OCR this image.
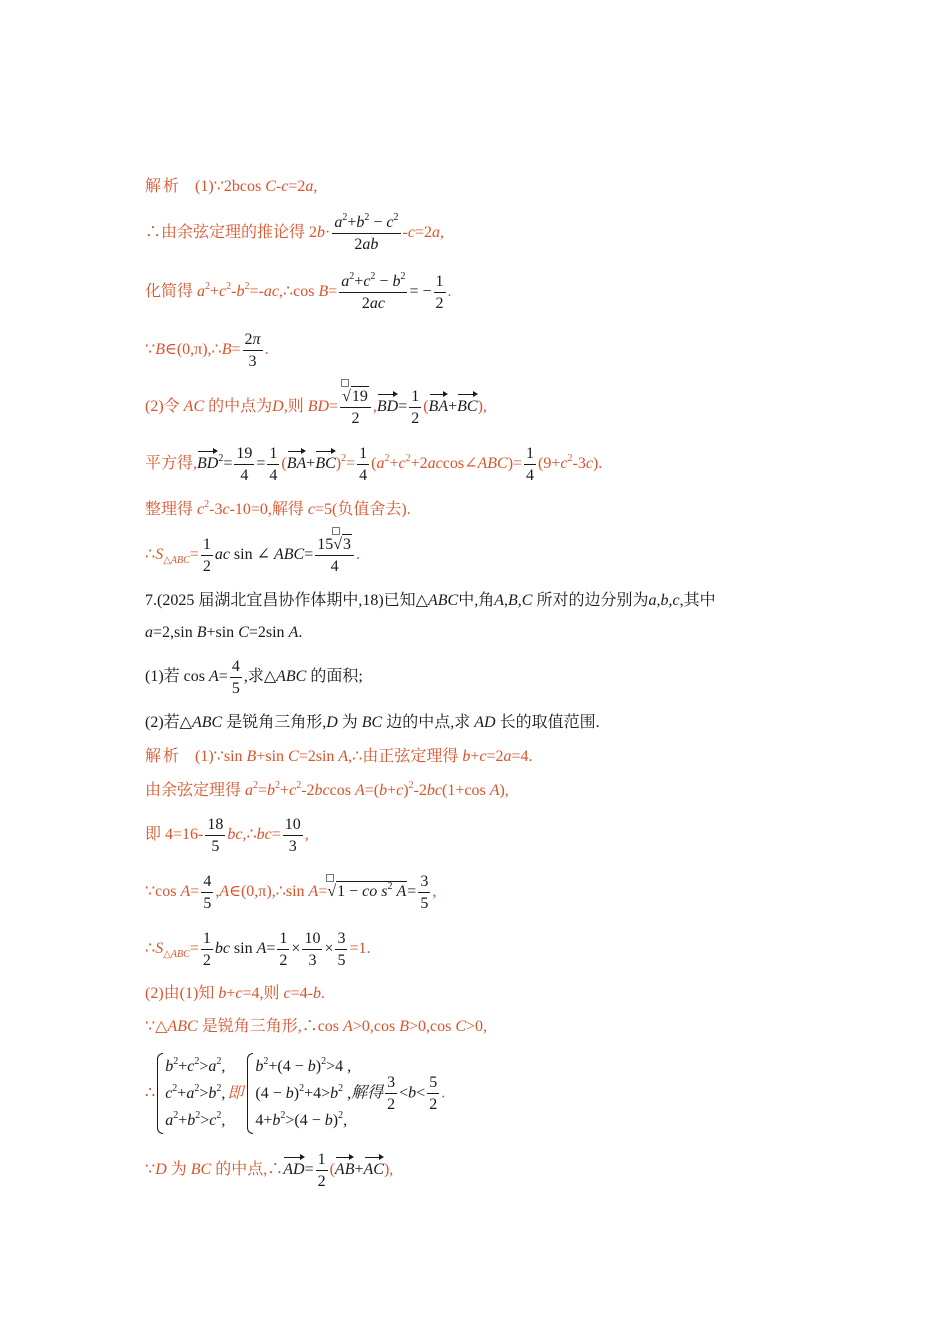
解析 (1)∵2bcos C-c=2a,
∴由余弦定理的推论得 $2b\cdot \frac{a^2+b^2 - c^2}{2ab} -c=2a$,
化简得 $a^2+c^2-b^2=-ac,\therefore\cos$ $B= \frac{a^2+c^2 - b^2}{2ac}$ = − $\frac{1}{2}$ .
∵B∈(0,π),∴B= $\frac{2\pi}{3}$ .
(2)令 AC 的中点为D,则 $BD= \frac{√19}{2} ,BD= \frac{1}{2} (BA+BC)$,
平方得$,BD^2= \frac{19}{4} = \frac{1}{4} (BA+BC)^2= \frac{1}{4}$ $(a^2+c^2+2accos\angle ABC)= \frac{1}{4} (9+c^2-3c)$.
整理得 $c^2-3c-10=0$,解得 c=5(负值舍去).
$\therefore S_{\triangle ABC}= \frac{1}{2}$ ac sin ∠ ABC= 15
√3
4 .
7.(2025 届湖北宜昌协作体期中,18)已知△ABC中,角A,B,C 所对的边分别为a,b,c,其中
a=2,sin B+sin C=2sin A.
(1)若 $\cos A= \frac{4}{5}$ ,求△ABC 的面积;
(2)若△ABC 是锐角三角形,D 为 BC 边的中点,求 AD 长的取值范围.
解析 (1)∵sin B+sin C=2sin A,∴由正弦定理得 b+c=2a=4.
由余弦定理得 $a^2=b^2+c^2-2bccos$ $A=(b+c)^2-2bc(1+\cos$ A),
即 $4=16- \frac{18}{5}$ bc,∴bc= $\frac{10}{3}$ ,
∵cos $A= \frac{4}{5}$ ,A∈(0,π),∴sin A=
√1 − co $s^2$ $A= \frac{3}{5}$ ,
$\therefore S_{\triangle ABC}= \frac{1}{2}$ bc $\sin A= \frac{1}{2} \times \frac{10}{3} \times \frac{3}{5} =1$.
(2)由(1)知 b+c=4,则 c=4-b.
∵△ABC 是锐角三角形,∴cos A>0,cos B>0,cos C>0,
∴
$b^2+c^2>a^2$,
$c^2+a^2>b^2$,
$a^2+b^2>c^2$,
即
$b^2+(4 - b)^2>4$ ,
$(4 - b)^2+4>b^2$ ,
$4+b^2>(4 - b)^2$,
解得 $\frac{3}{2} <b< \frac{5}{2}$ .
∵D 为 BC 的中点,∴AD= $\frac{1}{2} (AB+AC)$,
